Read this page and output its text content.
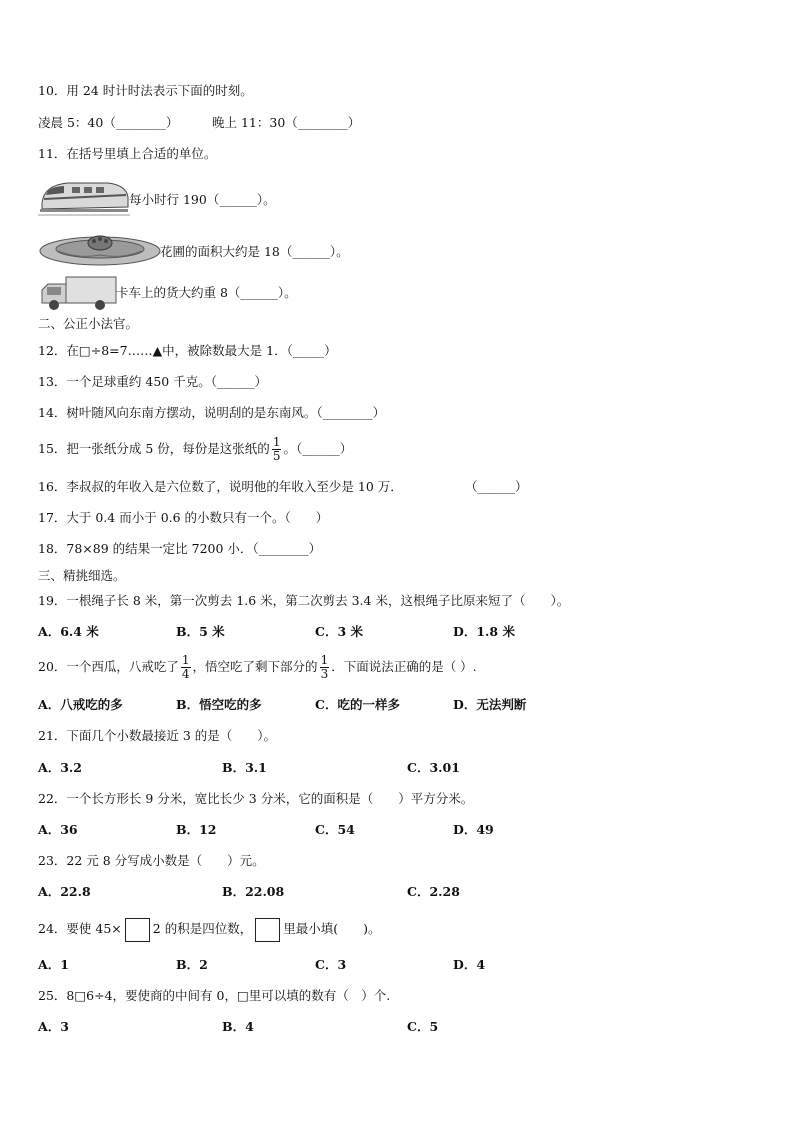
10．用 24 时计时法表示下面的时刻。
凌晨 5：40（________）	晚上 11：30（________）
11．在括号里填上合适的单位。
每小时行 190（______）。
花圃的面积大约是 18（______）。
卡车上的货大约重 8（______）。
二、公正小法官。
12．在□÷8=7……▲中，被除数最大是 1．（_____）
13．一个足球重约 450 千克。（______）
14．树叶随风向东南方摆动，说明刮的是东南风。（________）
15．把一张纸分成 5 份，每份是这张纸的 $\frac{1}{5}$ 。（______）
16．李叔叔的年收入是六位数了，说明他的年收入至少是 10 万．	（______）
17．大于 0.4 而小于 0.6 的小数只有一个。（　　）
18．78×89 的结果一定比 7200 小．（________）
三、精挑细选。
19．一根绳子长 8 米，第一次剪去 1.6 米，第二次剪去 3.4 米，这根绳子比原来短了（　　）。
A．6.4 米	B．5 米	C．3 米	D．1.8 米
20．一个西瓜，八戒吃了 $\frac{1}{4}$ ，悟空吃了剩下部分的 $\frac{1}{3}$ ．下面说法正确的是（ ）.
A．八戒吃的多	B．悟空吃的多	C．吃的一样多	D．无法判断
21．下面几个小数最接近 3 的是（　　）。
A．3.2	B．3.1	C．3.01
22．一个长方形长 9 分米，宽比长少 3 分米，它的面积是（　　）平方分米。
A．36	B．12	C．54	D．49
23．22 元 8 分写成小数是（　　）元。
A．22.8	B．22.08	C．2.28
24．要使 45× 2 的积是四位数， 里最小填(　　)。
A．1	B．2	C．3	D．4
25．8□6÷4，要使商的中间有 0，□里可以填的数有（　）个.
A．3	B．4	C．5
